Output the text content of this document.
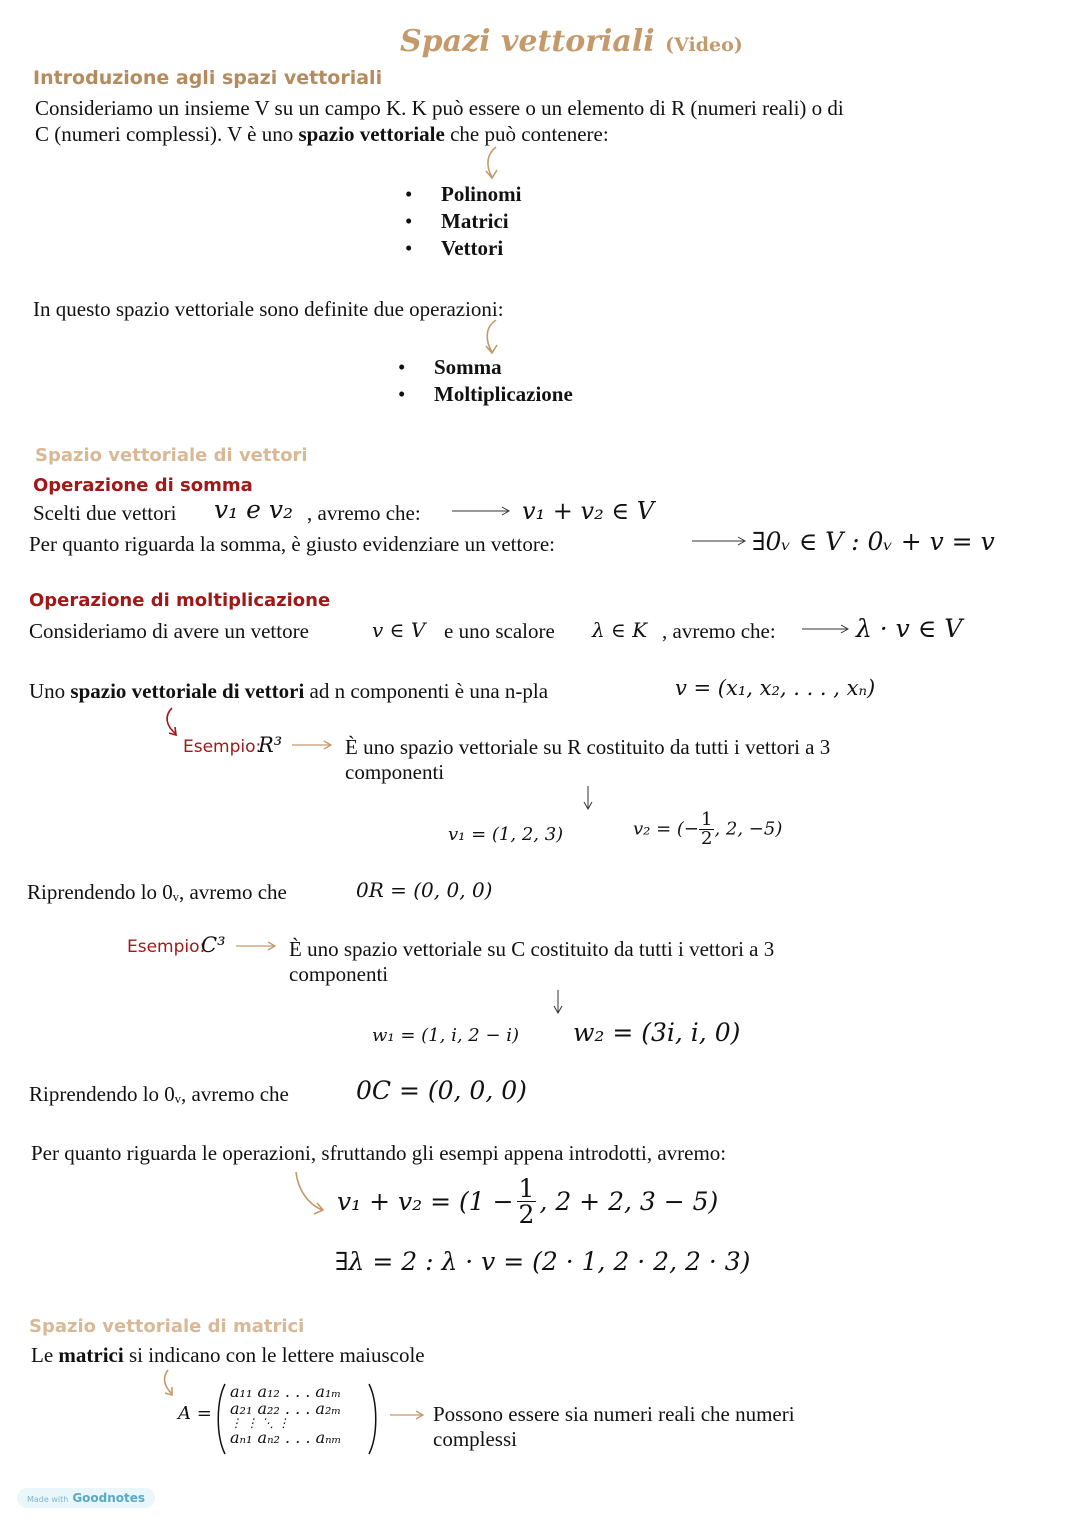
Spazi vettoriali (Video)
Introduzione agli spazi vettoriali
Consideriamo un insieme V su un campo K. K può essere o un elemento di R (numeri reali) o di
C (numeri complessi). V è uno spazio vettoriale che può contenere:
• Polinomi
• Matrici
• Vettori
In questo spazio vettoriale sono definite due operazioni:
• Somma
• Moltiplicazione
Spazio vettoriale di vettori
Operazione di somma
Scelti due vettori v₁ e v₂ , avremo che:	v₁ + v₂ ∈ V
Per quanto riguarda la somma, è giusto evidenziare un vettore:	∃0ᵥ ∈ V : 0ᵥ + v = v
Operazione di moltiplicazione
Consideriamo di avere un vettore	v ∈ V e uno scalore λ ∈ K , avremo che:	λ · v ∈ V
Uno spazio vettoriale di vettori ad n componenti è una n-pla	v = (x₁, x₂, . . . , xₙ)
Esempio:
R³	È uno spazio vettoriale su R costituito da tutti i vettori a 3
componenti
v₁ = (1, 2, 3)	v₂ = (− $\frac{1}{2}$ , 2, −5)
Riprendendo lo 0ᵥ, avremo che	0R = (0, 0, 0)
Esempio:
C³	È uno spazio vettoriale su C costituito da tutti i vettori a 3
componenti
w₁ = (1, i, 2 − i) w₂ = (3i, i, 0)
Riprendendo lo 0ᵥ, avremo che	0C = (0, 0, 0)
Per quanto riguarda le operazioni, sfruttando gli esempi appena introdotti, avremo:
$v_1 + v_2 = (1 - \frac{1}{2}$ , 2 + 2, 3 − 5)
∃λ = 2 : λ · v = (2 · 1, 2 · 2, 2 · 3)
Spazio vettoriale di matrici
Le matrici si indicano con le lettere maiuscole
A =
a₁₁ a₁₂ . . . a₁ₘ
a₂₁ a₂₂ . . . a₂ₘ
⋮ ⋮ ⋱ ⋮
aₙ₁ aₙ₂ . . . aₙₘ
Possono essere sia numeri reali che numeri
complessi
Made with Goodnotes
